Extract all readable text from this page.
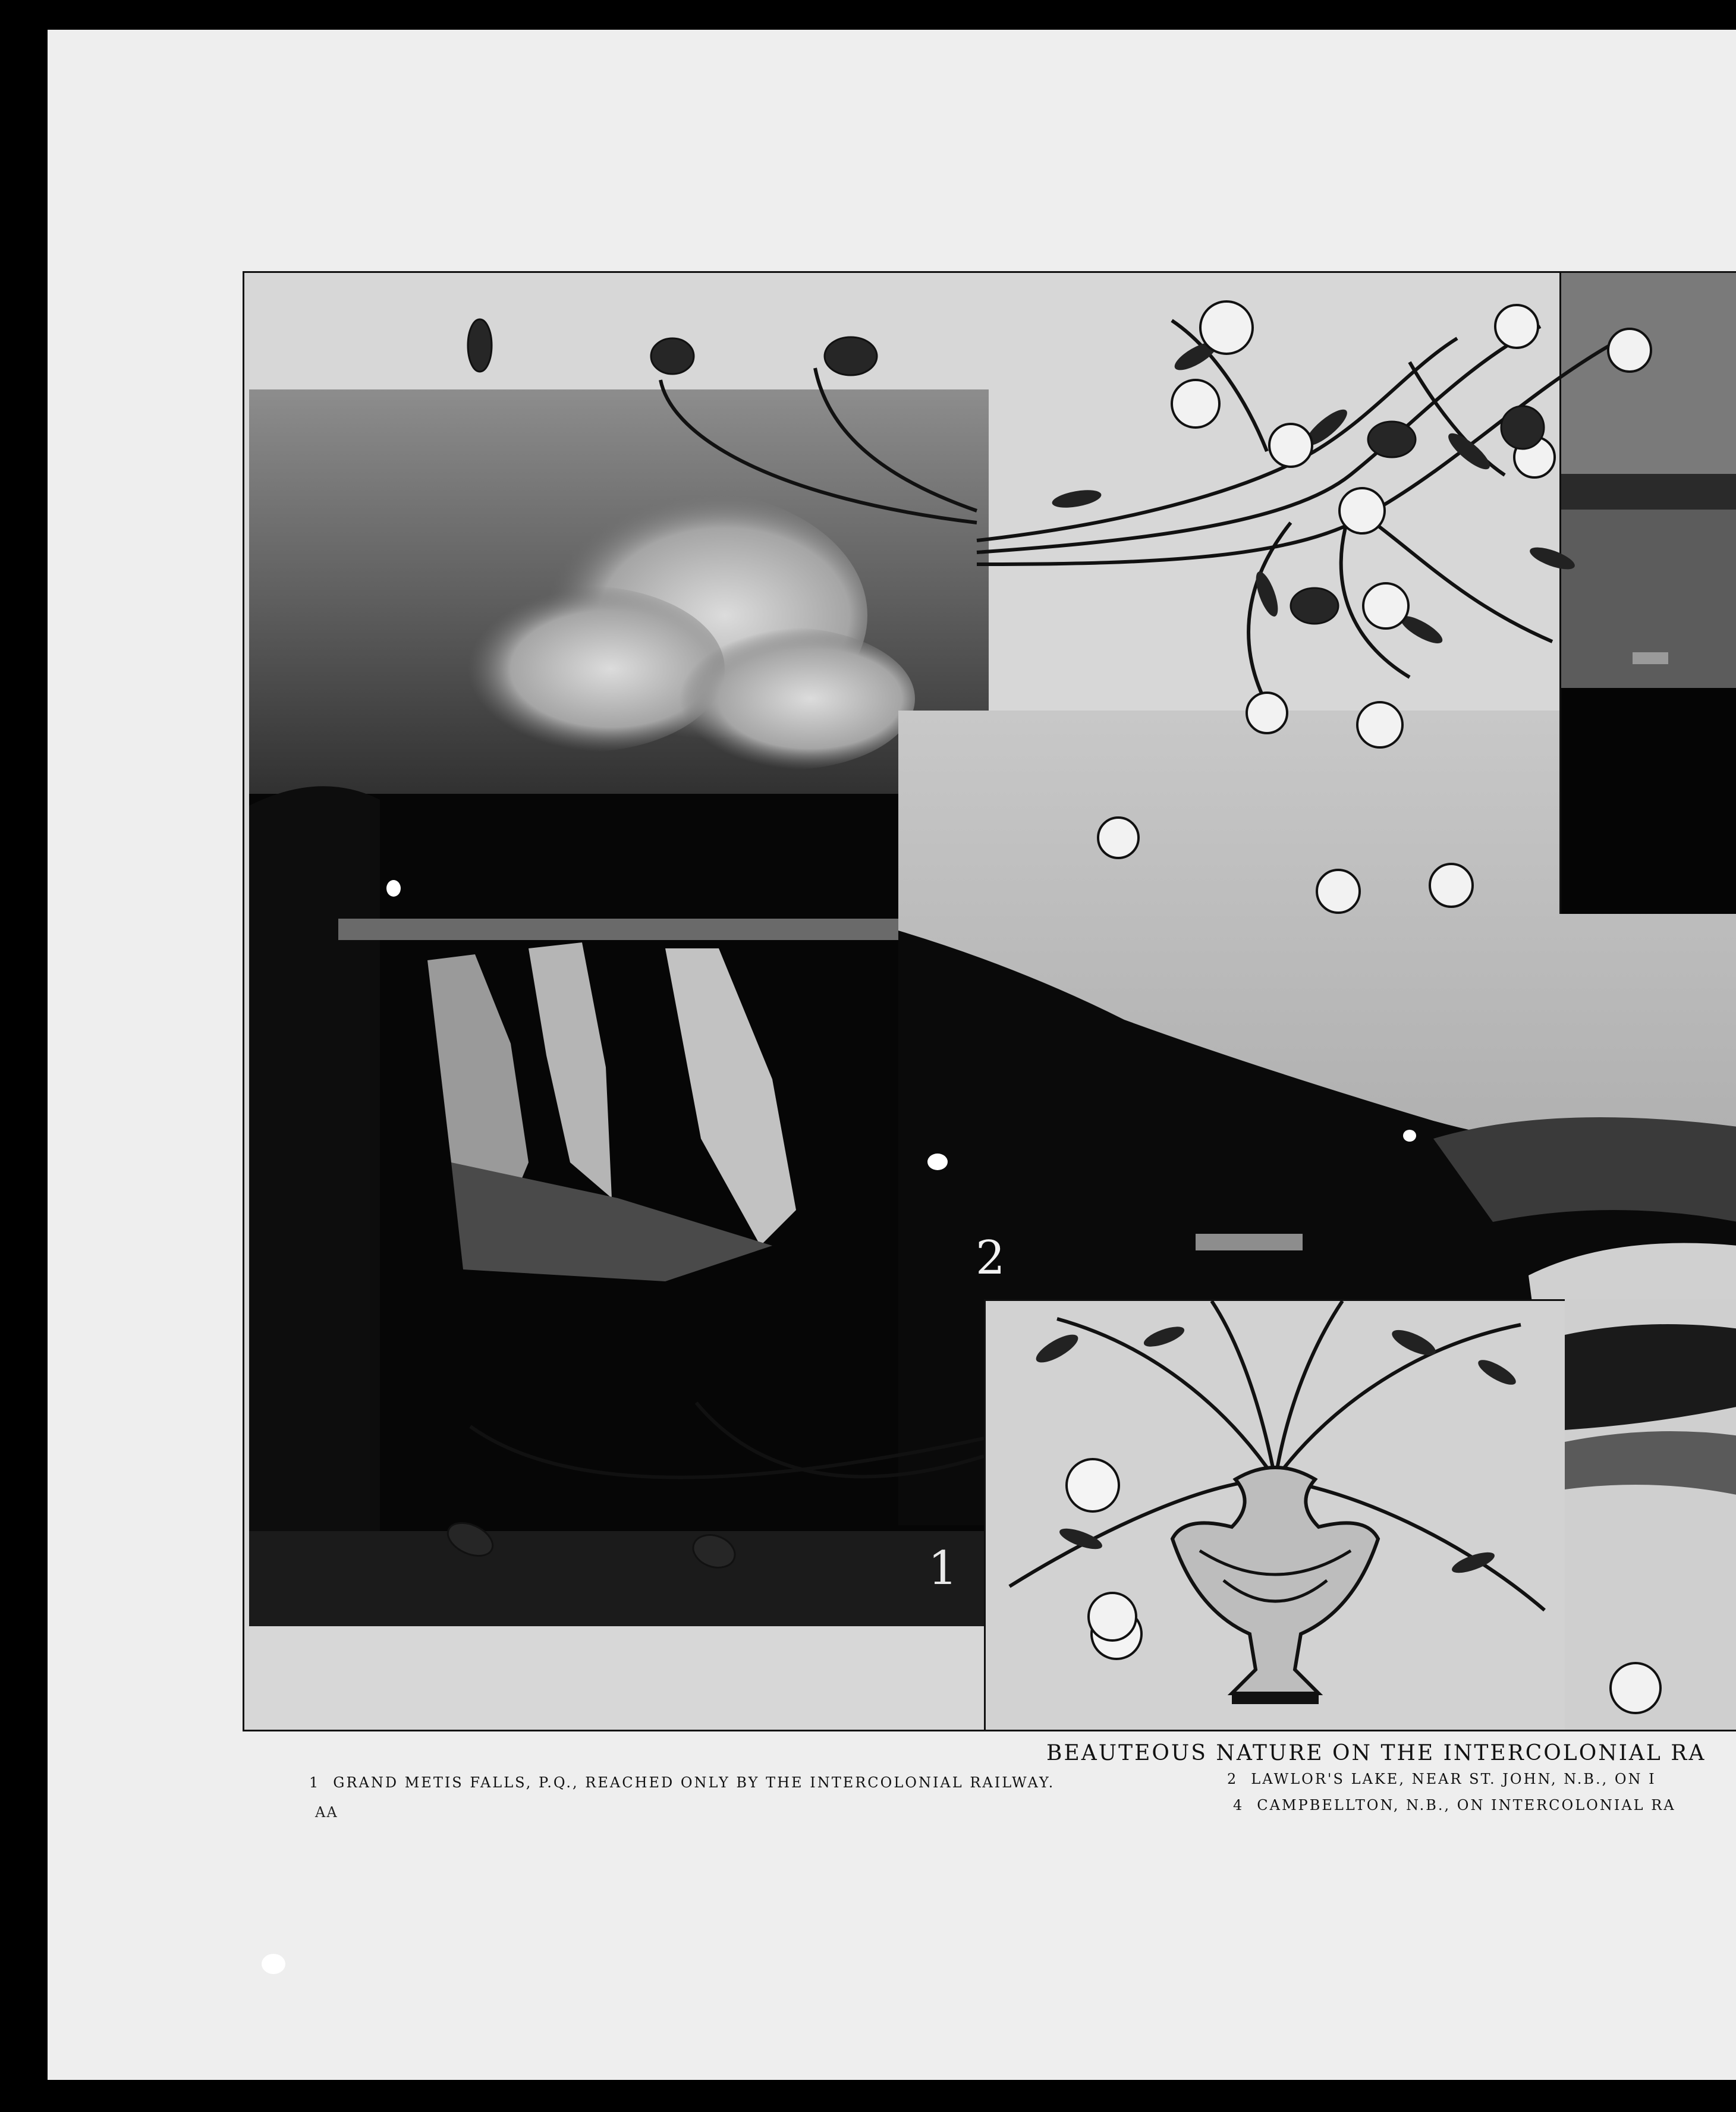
2
1
BEAUTEOUS NATURE ON THE INTERCOLONIAL RA
1 GRAND METIS FALLS, P.Q., REACHED ONLY BY THE INTERCOLONIAL RAILWAY.	2 LAWLOR'S LAKE, NEAR ST. JOHN, N.B., ON I
4 CAMPBELLTON, N.B., ON INTERCOLONIAL RA
AA
